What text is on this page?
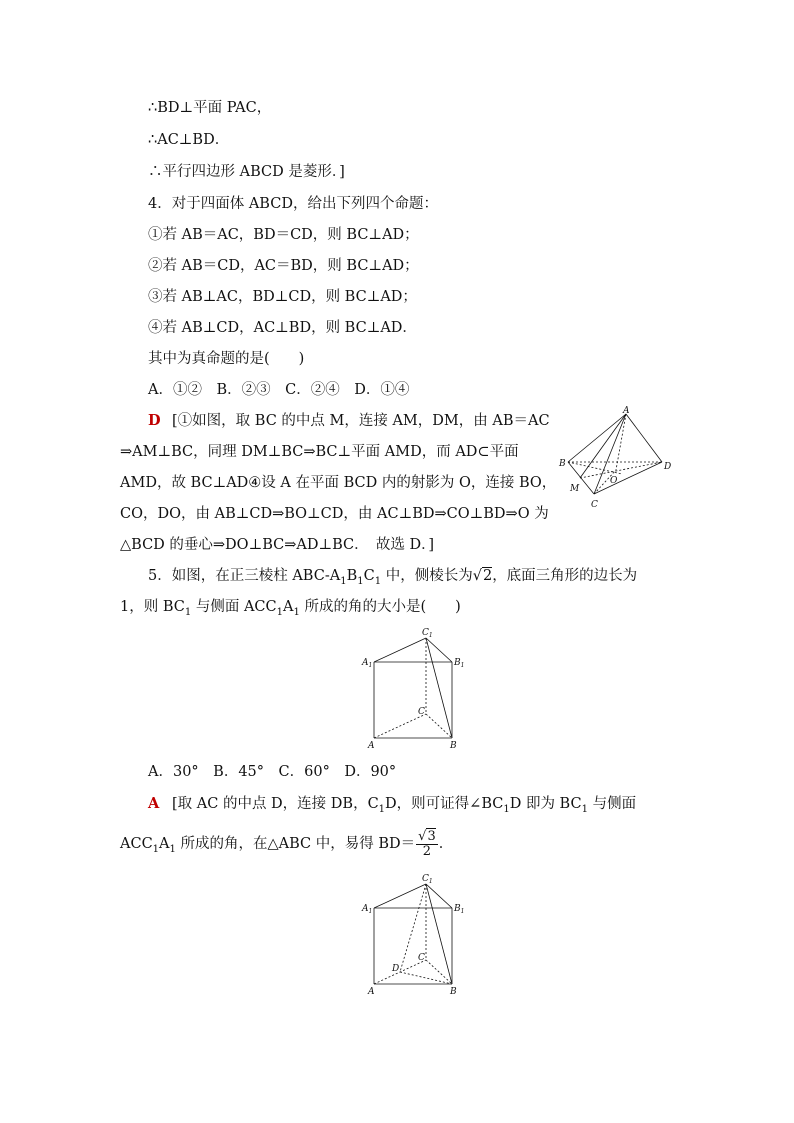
∴BD⊥平面 PAC，
∴AC⊥BD．
∴平行四边形 ABCD 是菱形．]
4．对于四面体 ABCD，给出下列四个命题：
①若 AB＝AC，BD＝CD，则 BC⊥AD；
②若 AB＝CD，AC＝BD，则 BC⊥AD；
③若 AB⊥AC，BD⊥CD，则 BC⊥AD；
④若 AB⊥CD，AC⊥BD，则 BC⊥AD．
其中为真命题的是(　　)
A．①②　B．②③　C．②④　D．①④
D [①如图，取 BC 的中点 M，连接 AM，DM，由 AB＝AC
⇒AM⊥BC，同理 DM⊥BC⇒BC⊥平面 AMD，而 AD⊂平面
AMD，故 BC⊥AD④设 A 在平面 BCD 内的射影为 O，连接 BO，
CO，DO，由 AB⊥CD⇒BO⊥CD，由 AC⊥BD⇒CO⊥BD⇒O 为
△BCD 的垂心⇒DO⊥BC⇒AD⊥BC．　故选 D．]
A
B
C
D
M
O
5．如图，在正三棱柱 ABC-$A_1B_1C_1$ 中，侧棱长为√2，底面三角形的边长为
1，则 $BC_1$ 与侧面 $ACC_1A_1$ 所成的角的大小是(　　)
$C_1$
$A_1$	$B_1$
C
A	B
A．30°　B．45°　C．60°　D．90°
A [取 AC 的中点 D，连接 DB，$C_1D$，则可证得$\angle BC_1D$ 即为 $BC_1$ 与侧面
$ACC_1A_1$ 所成的角，在△ABC 中，易得 $BD= \frac{√3}{2}$ ．
$C_1$
$A_1$	$B_1$
C
D
A	B
